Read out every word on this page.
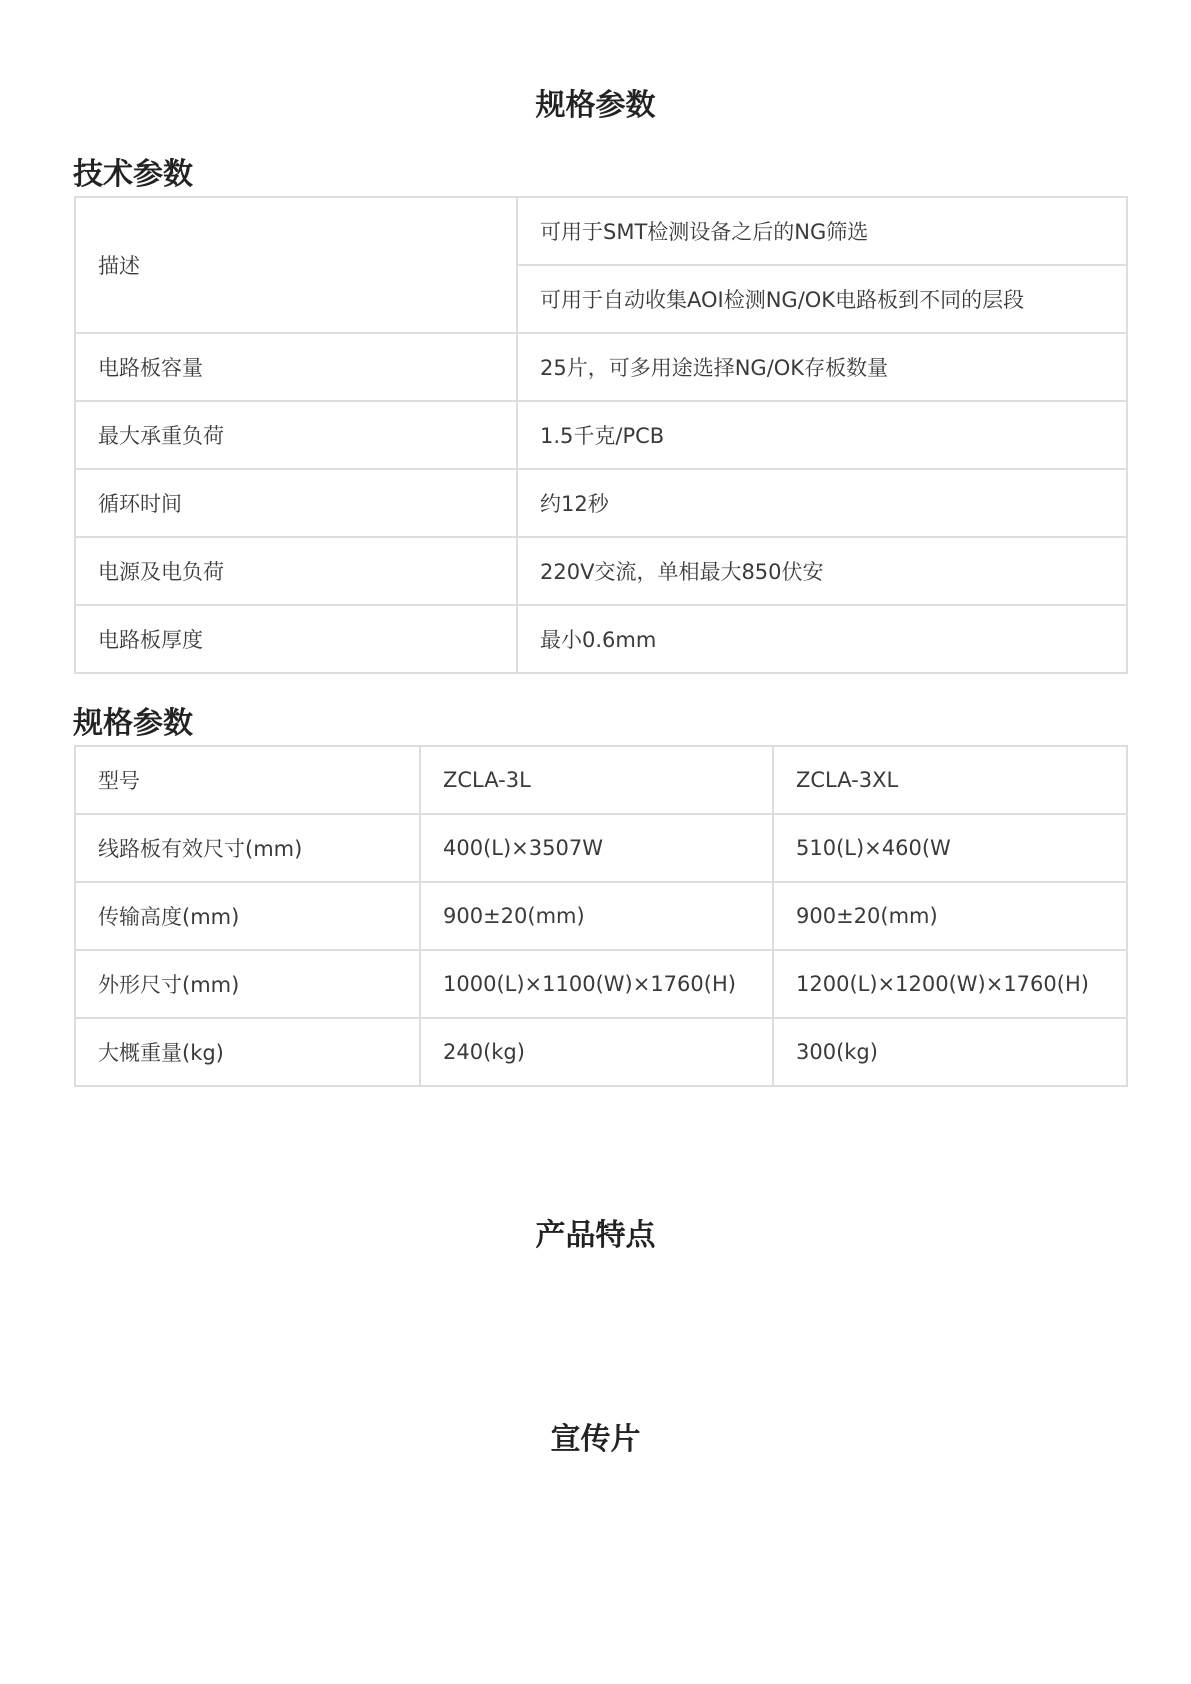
规格参数
技术参数
描述	可用于SMT检测设备之后的NG筛选
	可用于自动收集AOI检测NG/OK电路板到不同的层段
电路板容量	25片，可多用途选择NG/OK存板数量
最大承重负荷	1.5千克/PCB
循环时间	约12秒
电源及电负荷	220V交流，单相最大850伏安
电路板厚度	最小0.6mm
规格参数
型号	ZCLA-3L	ZCLA-3XL
线路板有效尺寸(mm)	400(L)×3507W	510(L)×460(W
传输高度(mm)	900±20(mm)	900±20(mm)
外形尺寸(mm)	1000(L)×1100(W)×1760(H)	1200(L)×1200(W)×1760(H)
大概重量(kg)	240(kg)	300(kg)
产品特点
宣传片
